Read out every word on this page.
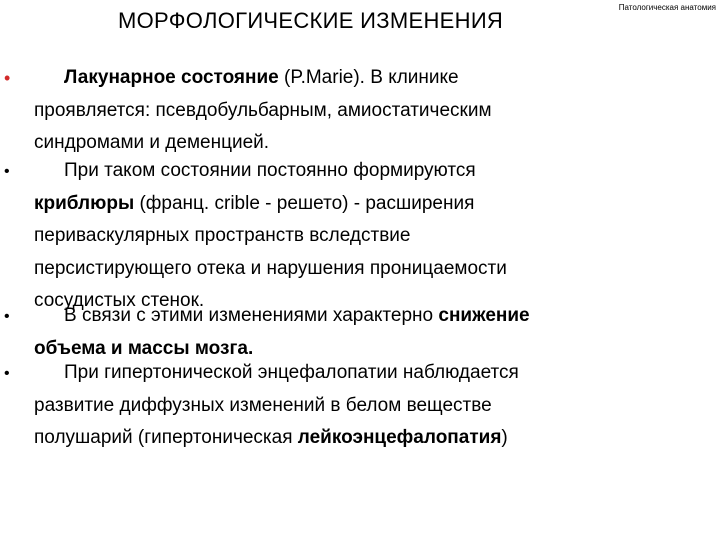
Патологическая анатомия
МОРФОЛОГИЧЕСКИЕ ИЗМЕНЕНИЯ
•	Лакунарное состояние (P.Marie). В клинике
проявляется: псевдобульбарным, амиостатическим
синдромами и деменцией.
•	При таком состоянии постоянно формируются
криблюры (франц. crible - решето) - расширения
периваскулярных пространств вследствие
персистирующего отека и нарушения проницаемости
сосудистых стенок.
•	В связи с этими изменениями характерно снижение
объема и массы мозга.
•	При гипертонической энцефалопатии наблюдается
развитие диффузных изменений в белом веществе
полушарий (гипертоническая лейкоэнцефалопатия)
